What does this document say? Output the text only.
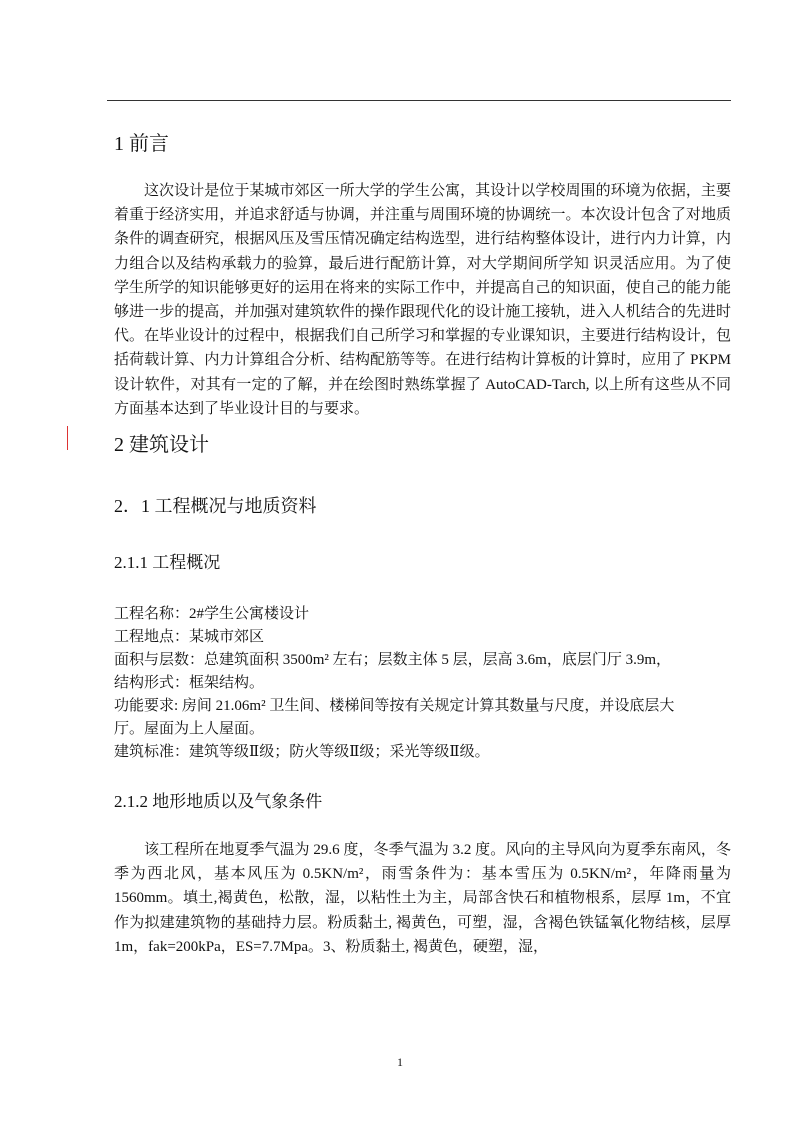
1 前言

这次设计是位于某城市郊区一所大学的学生公寓，其设计以学校周围的环境为依据，主要着重于经济实用，并追求舒适与协调，并注重与周围环境的协调统一。本次设计包含了对地质条件的调查研究，根据风压及雪压情况确定结构选型，进行结构整体设计，进行内力计算，内力组合以及结构承载力的验算，最后进行配筋计算，对大学期间所学知 识灵活应用。为了使学生所学的知识能够更好的运用在将来的实际工作中，并提高自己的知识面，使自己的能力能够进一步的提高，并加强对建筑软件的操作跟现代化的设计施工接轨，进入人机结合的先进时代。在毕业设计的过程中，根据我们自己所学习和掌握的专业课知识，主要进行结构设计，包括荷载计算、内力计算组合分析、结构配筋等等。在进行结构计算板的计算时，应用了 PKPM 设计软件，对其有一定的了解，并在绘图时熟练掌握了 AutoCAD-Tarch, 以上所有这些从不同方面基本达到了毕业设计目的与要求。

2 建筑设计
2．1 工程概况与地质资料
2.1.1 工程概况

工程名称：2#学生公寓楼设计

工程地点：某城市郊区

面积与层数：总建筑面积 3500m² 左右；层数主体 5 层，层高 3.6m，底层门厅 3.9m，

结构形式：框架结构。

功能要求: 房间 21.06m² 卫生间、楼梯间等按有关规定计算其数量与尺度，并设底层大

厅。屋面为上人屋面。

建筑标准：建筑等级Ⅱ级；防火等级Ⅱ级；采光等级Ⅱ级。

2.1.2 地形地质以及气象条件

该工程所在地夏季气温为 29.6 度，冬季气温为 3.2 度。风向的主导风向为夏季东南风，冬季为西北风，基本风压为 0.5KN/m²，雨雪条件为：基本雪压为 0.5KN/m²，年降雨量为 1560mm。填土,褐黄色，松散，湿，以粘性土为主，局部含快石和植物根系，层厚 1m，不宜作为拟建建筑物的基础持力层。粉质黏土, 褐黄色，可塑，湿，含褐色铁锰氧化物结核，层厚 1m，fak=200kPa，ES=7.7Mpa。3、粉质黏土, 褐黄色，硬塑，湿，

1
